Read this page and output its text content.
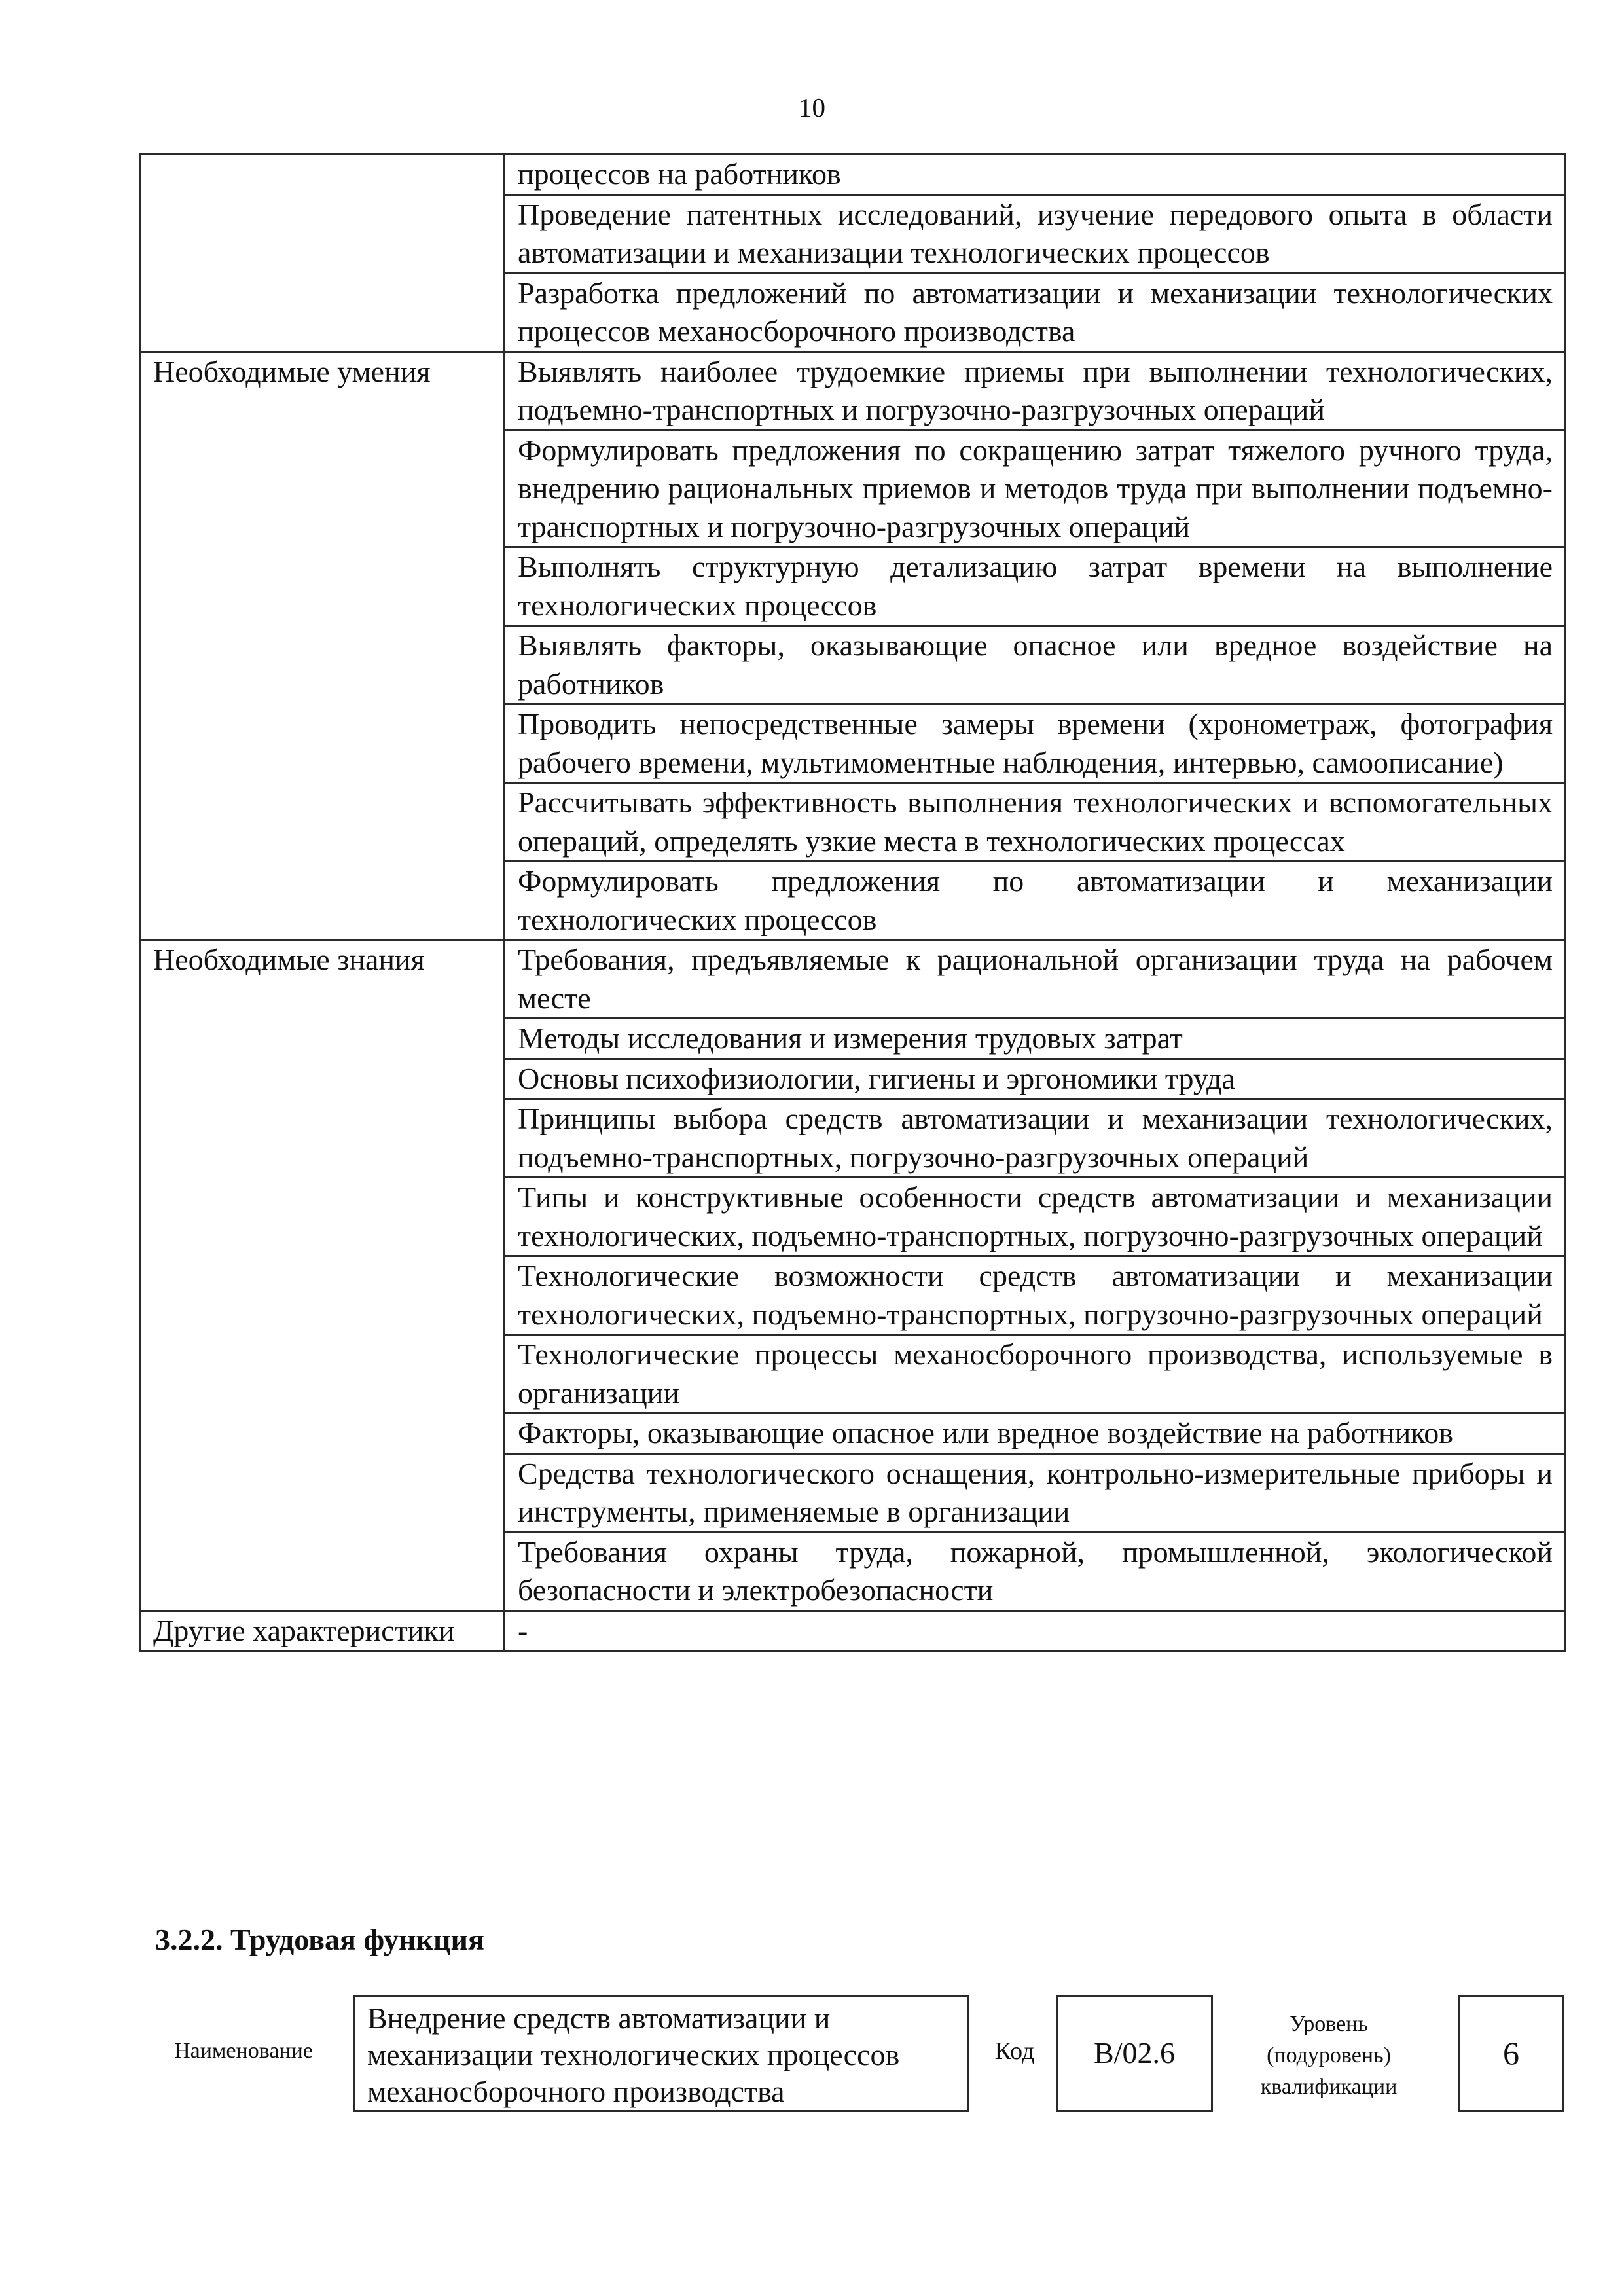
10
	процессов на работников
	Проведение патентных исследований, изучение передового опыта в области автоматизации и механизации технологических процессов
	Разработка предложений по автоматизации и механизации технологических процессов механосборочного производства
Необходимые умения	Выявлять наиболее трудоемкие приемы при выполнении технологических, подъемно-транспортных и погрузочно-разгрузочных операций
	Формулировать предложения по сокращению затрат тяжелого ручного труда, внедрению рациональных приемов и методов труда при выполнении подъемно-транспортных и погрузочно-разгрузочных операций
	Выполнять структурную детализацию затрат времени на выполнение технологических процессов
	Выявлять факторы, оказывающие опасное или вредное воздействие на работников
	Проводить непосредственные замеры времени (хронометраж, фотография рабочего времени, мультимоментные наблюдения, интервью, самоописание)
	Рассчитывать эффективность выполнения технологических и вспомогательных операций, определять узкие места в технологических процессах
	Формулировать предложения по автоматизации и механизации технологических процессов
Необходимые знания	Требования, предъявляемые к рациональной организации труда на рабочем месте
	Методы исследования и измерения трудовых затрат
	Основы психофизиологии, гигиены и эргономики труда
	Принципы выбора средств автоматизации и механизации технологических, подъемно-транспортных, погрузочно-разгрузочных операций
	Типы и конструктивные особенности средств автоматизации и механизации технологических, подъемно-транспортных, погрузочно-разгрузочных операций
	Технологические возможности средств автоматизации и механизации технологических, подъемно-транспортных, погрузочно-разгрузочных операций
	Технологические процессы механосборочного производства, используемые в организации
	Факторы, оказывающие опасное или вредное воздействие на работников
	Средства технологического оснащения, контрольно-измерительные приборы и инструменты, применяемые в организации
	Требования охраны труда, пожарной, промышленной, экологической безопасности и электробезопасности
Другие характеристики	-
3.2.2. Трудовая функция
Наименование
Внедрение средств автоматизации и механизации технологических процессов механосборочного производства
Код	B/02.6
Уровень (подуровень) квалификации
6
